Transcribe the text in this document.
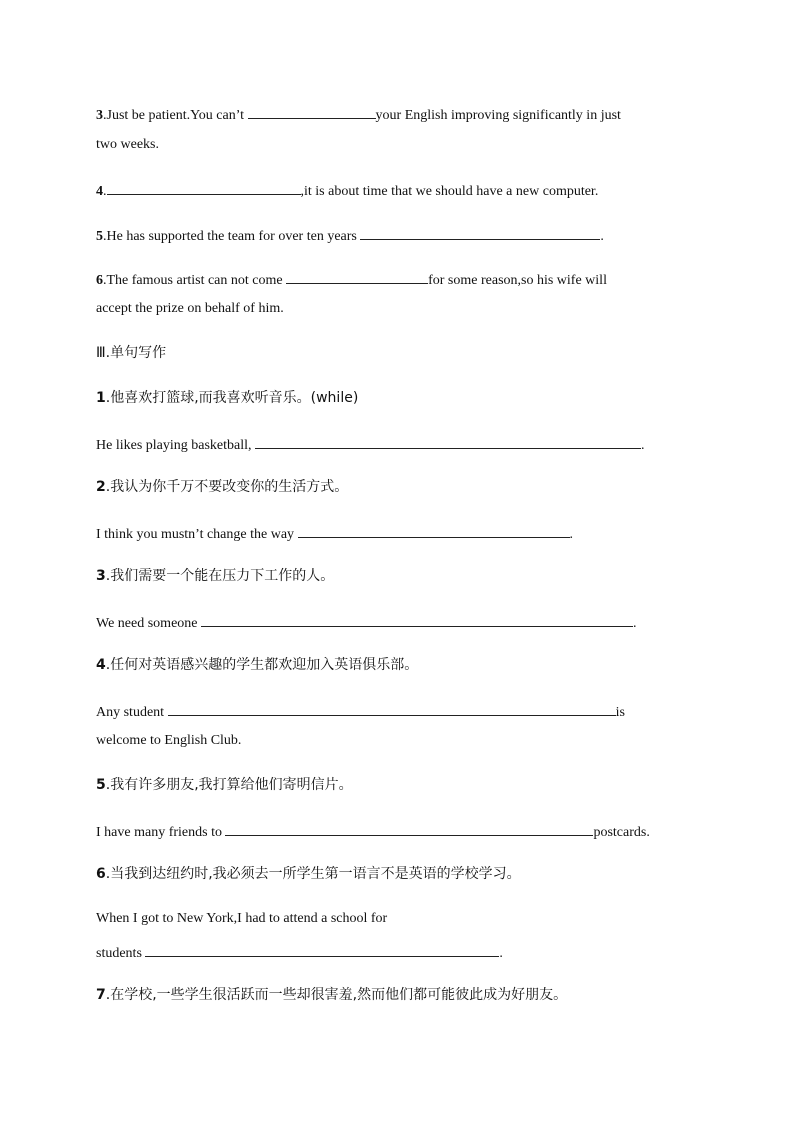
3.Just be patient.You can’t	your English improving significantly in just
two weeks.
4.	,it is about time that we should have a new computer.
5.He has supported the team for over ten years	.
6.The famous artist can not come	for some reason,so his wife will
accept the prize on behalf of him.
Ⅲ.单句写作
1.他喜欢打篮球,而我喜欢听音乐。(while)
He likes playing basketball,	.
2.我认为你千万不要改变你的生活方式。
I think you mustn’t change the way	.
3.我们需要一个能在压力下工作的人。
We need someone	.
4.任何对英语感兴趣的学生都欢迎加入英语俱乐部。
Any student	is
welcome to English Club.
5.我有许多朋友,我打算给他们寄明信片。
I have many friends to	postcards.
6.当我到达纽约时,我必须去一所学生第一语言不是英语的学校学习。
When I got to New York,I had to attend a school for
students	.
7.在学校,一些学生很活跃而一些却很害羞,然而他们都可能彼此成为好朋友。
